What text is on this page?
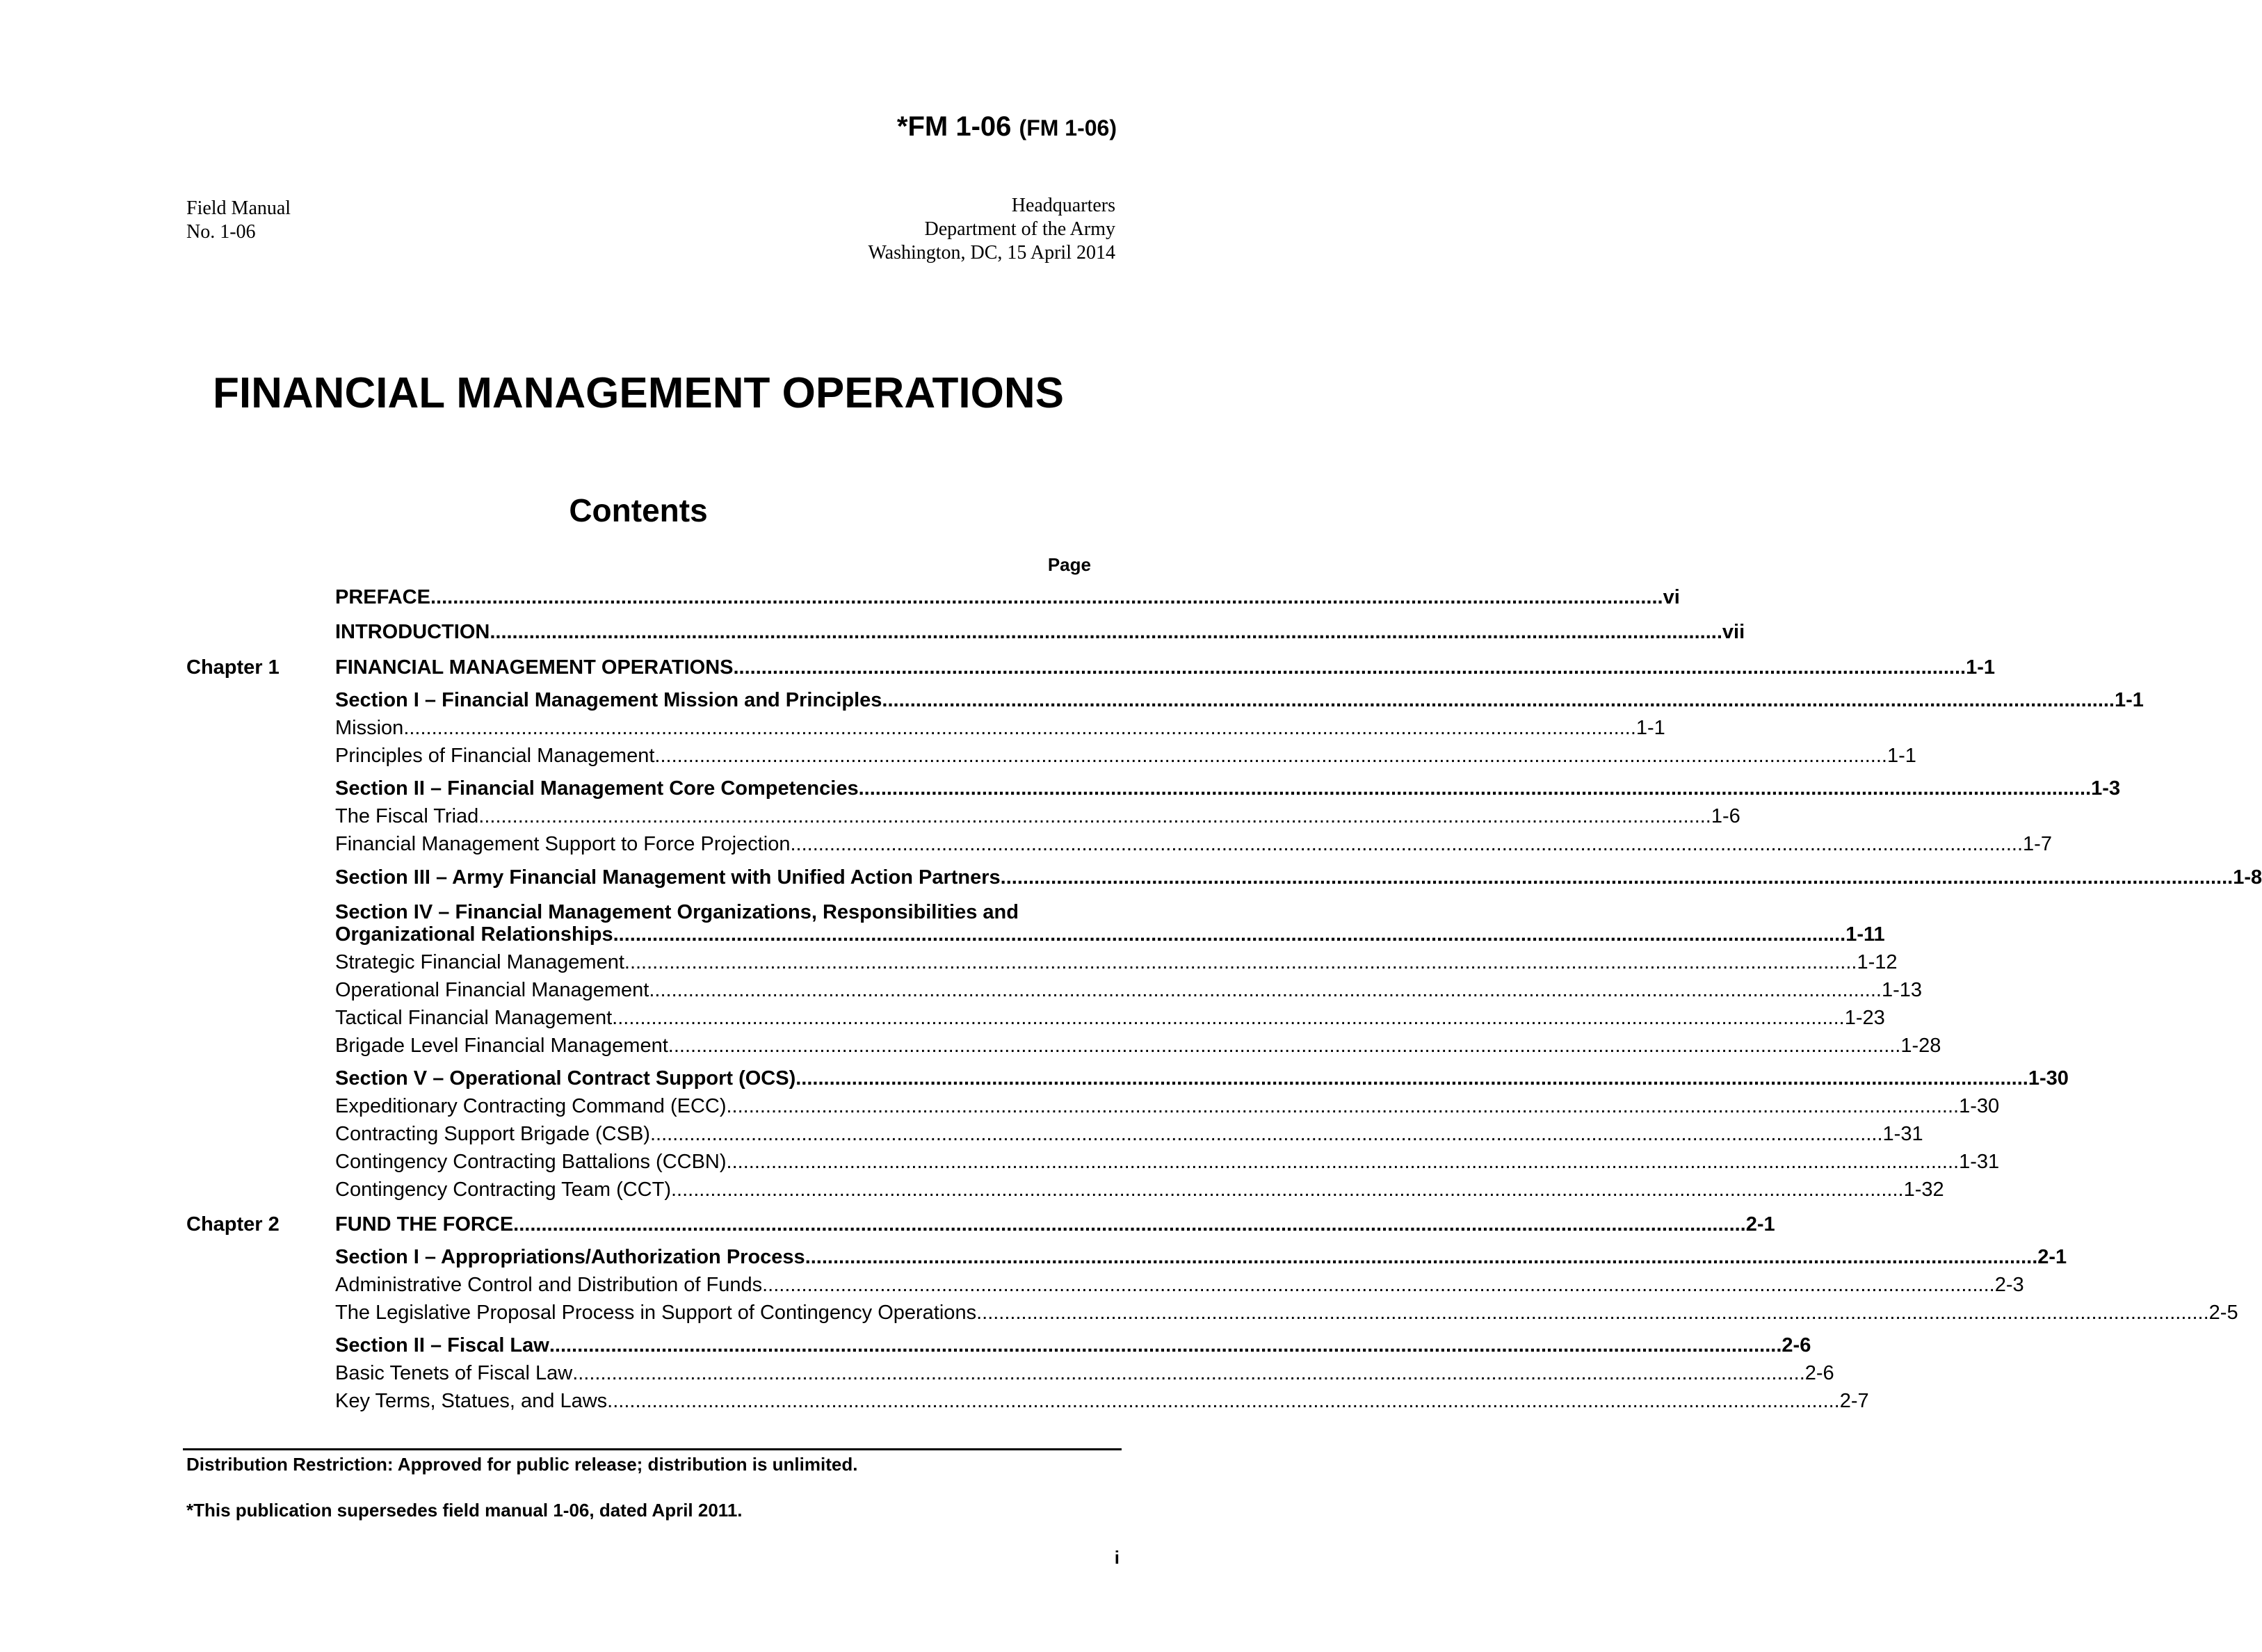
*FM 1-06 (FM 1-06)
Field Manual
No. 1-06
Headquarters
Department of the Army
Washington, DC, 15 April 2014
FINANCIAL MANAGEMENT OPERATIONS
Contents
Page
PREFACE ............................................................................................................................................................................................................................ vi
INTRODUCTION ............................................................................................................................................................................................................................ vii
Chapter 1	FINANCIAL MANAGEMENT OPERATIONS ............................................................................................................................................................................................................................ 1-1
Section I – Financial Management Mission and Principles ............................................................................................................................................................................................................................ 1-1
Mission ............................................................................................................................................................................................................................ 1-1
Principles of Financial Management ............................................................................................................................................................................................................................ 1-1
Section II – Financial Management Core Competencies ............................................................................................................................................................................................................................ 1-3
The Fiscal Triad ............................................................................................................................................................................................................................ 1-6
Financial Management Support to Force Projection ............................................................................................................................................................................................................................ 1-7
Section III – Army Financial Management with Unified Action Partners ............................................................................................................................................................................................................................ 1-8
Section IV – Financial Management Organizations, Responsibilities and
Organizational Relationships ............................................................................................................................................................................................................................ 1-11
Strategic Financial Management ............................................................................................................................................................................................................................ 1-12
Operational Financial Management ............................................................................................................................................................................................................................ 1-13
Tactical Financial Management ............................................................................................................................................................................................................................ 1-23
Brigade Level Financial Management ............................................................................................................................................................................................................................ 1-28
Section V – Operational Contract Support (OCS) ............................................................................................................................................................................................................................ 1-30
Expeditionary Contracting Command (ECC) ............................................................................................................................................................................................................................ 1-30
Contracting Support Brigade (CSB) ............................................................................................................................................................................................................................ 1-31
Contingency Contracting Battalions (CCBN) ............................................................................................................................................................................................................................ 1-31
Contingency Contracting Team (CCT) ............................................................................................................................................................................................................................ 1-32
Chapter 2	FUND THE FORCE ............................................................................................................................................................................................................................ 2-1
Section I – Appropriations/Authorization Process ............................................................................................................................................................................................................................ 2-1
Administrative Control and Distribution of Funds ............................................................................................................................................................................................................................ 2-3
The Legislative Proposal Process in Support of Contingency Operations ............................................................................................................................................................................................................................ 2-5
Section II – Fiscal Law ............................................................................................................................................................................................................................ 2-6
Basic Tenets of Fiscal Law ............................................................................................................................................................................................................................ 2-6
Key Terms, Statues, and Laws ............................................................................................................................................................................................................................ 2-7
Distribution Restriction: Approved for public release; distribution is unlimited.
*This publication supersedes field manual 1-06, dated April 2011.
i
